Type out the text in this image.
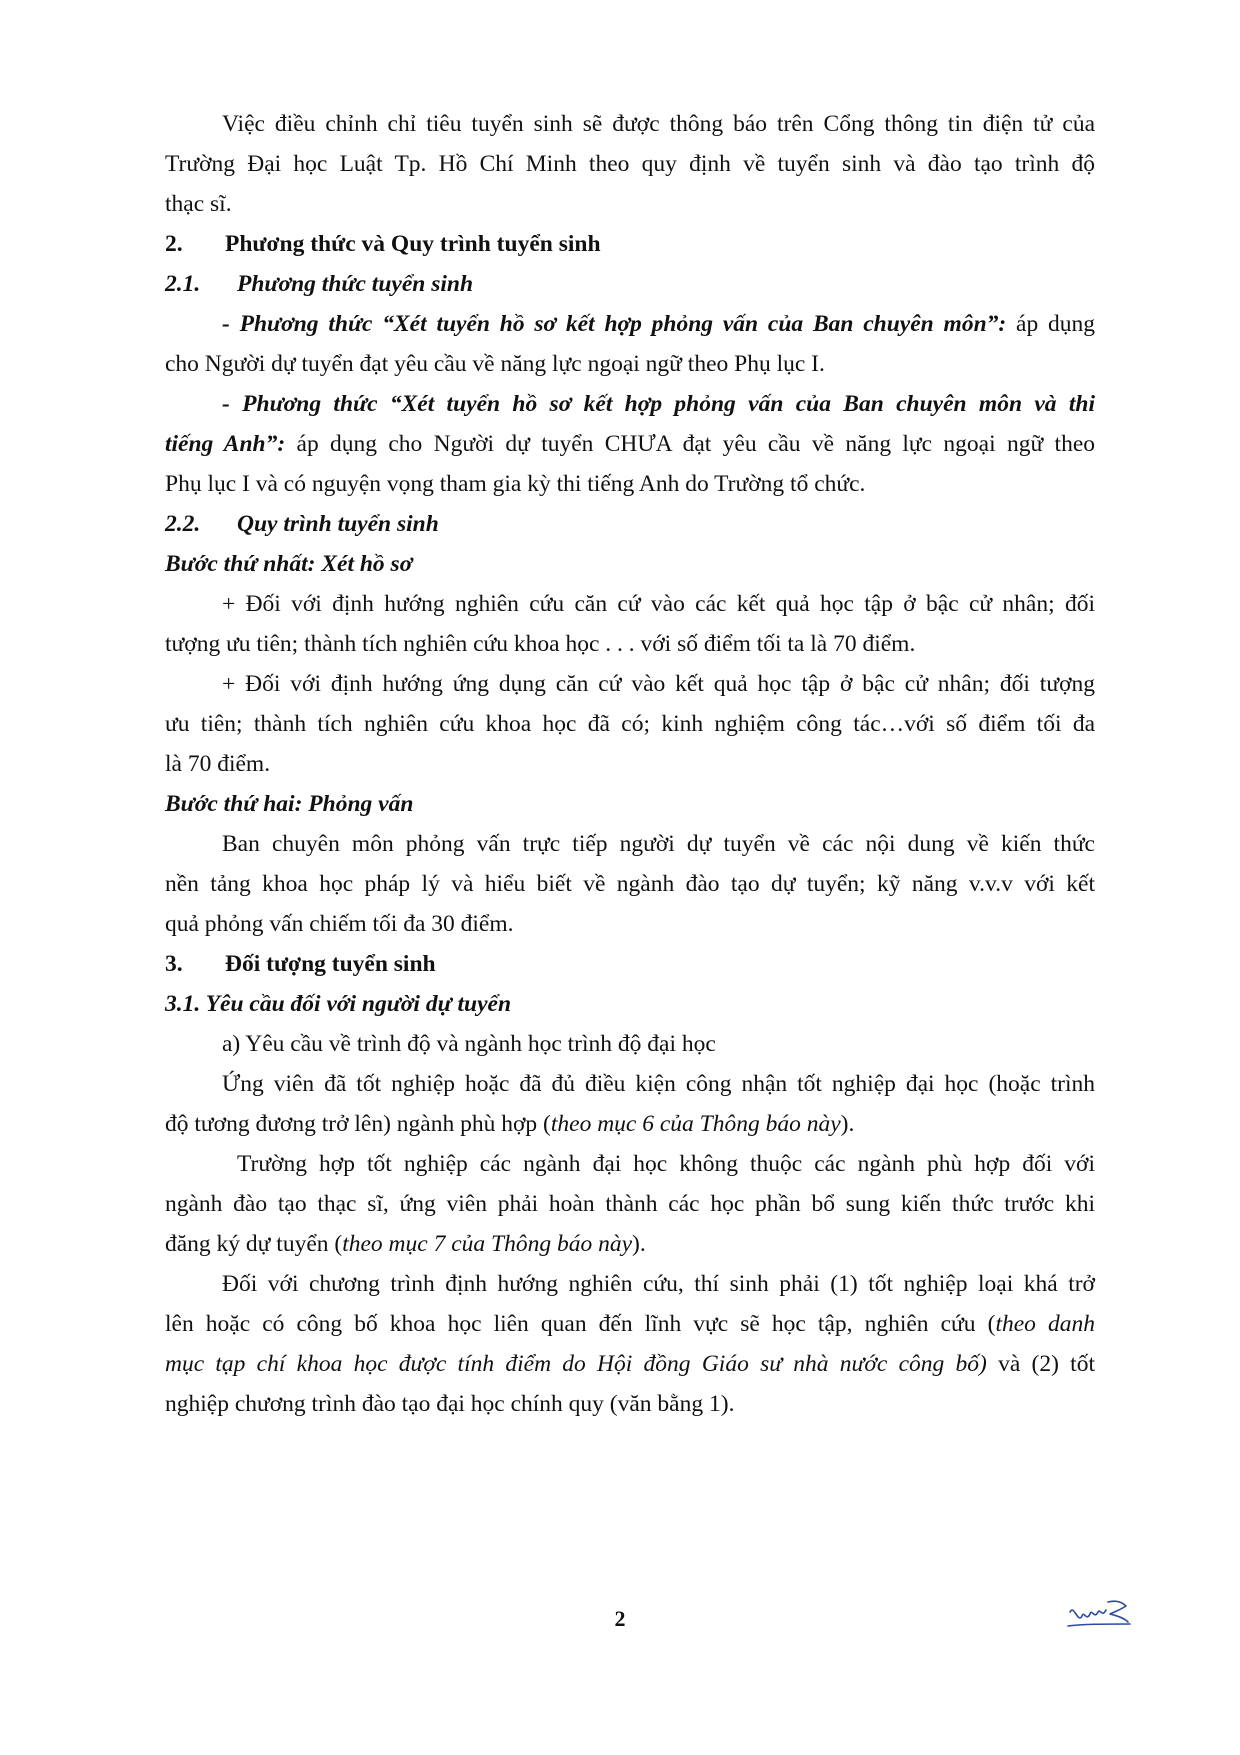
Việc điều chỉnh chỉ tiêu tuyển sinh sẽ được thông báo trên Cổng thông tin điện tử của
Trường Đại học Luật Tp. Hồ Chí Minh theo quy định về tuyển sinh và đào tạo trình độ
thạc sĩ.
2. Phương thức và Quy trình tuyển sinh
2.1. Phương thức tuyển sinh
- Phương thức “Xét tuyển hồ sơ kết hợp phỏng vấn của Ban chuyên môn”: áp dụng
cho Người dự tuyển đạt yêu cầu về năng lực ngoại ngữ theo Phụ lục I.
- Phương thức “Xét tuyển hồ sơ kết hợp phỏng vấn của Ban chuyên môn và thi
tiếng Anh”: áp dụng cho Người dự tuyển CHƯA đạt yêu cầu về năng lực ngoại ngữ theo
Phụ lục I và có nguyện vọng tham gia kỳ thi tiếng Anh do Trường tổ chức.
2.2. Quy trình tuyển sinh
Bước thứ nhất: Xét hồ sơ
+ Đối với định hướng nghiên cứu căn cứ vào các kết quả học tập ở bậc cử nhân; đối
tượng ưu tiên; thành tích nghiên cứu khoa học . . . với số điểm tối ta là 70 điểm.
+ Đối với định hướng ứng dụng căn cứ vào kết quả học tập ở bậc cử nhân; đối tượng
ưu tiên; thành tích nghiên cứu khoa học đã có; kinh nghiệm công tác…với số điểm tối đa
là 70 điểm.
Bước thứ hai: Phỏng vấn
Ban chuyên môn phỏng vấn trực tiếp người dự tuyển về các nội dung về kiến thức
nền tảng khoa học pháp lý và hiểu biết về ngành đào tạo dự tuyển; kỹ năng v.v.v với kết
quả phỏng vấn chiếm tối đa 30 điểm.
3. Đối tượng tuyển sinh
3.1. Yêu cầu đối với người dự tuyển
a) Yêu cầu về trình độ và ngành học trình độ đại học
Ứng viên đã tốt nghiệp hoặc đã đủ điều kiện công nhận tốt nghiệp đại học (hoặc trình
độ tương đương trở lên) ngành phù hợp (theo mục 6 của Thông báo này).
Trường hợp tốt nghiệp các ngành đại học không thuộc các ngành phù hợp đối với
ngành đào tạo thạc sĩ, ứng viên phải hoàn thành các học phần bổ sung kiến thức trước khi
đăng ký dự tuyển (theo mục 7 của Thông báo này).
Đối với chương trình định hướng nghiên cứu, thí sinh phải (1) tốt nghiệp loại khá trở
lên hoặc có công bố khoa học liên quan đến lĩnh vực sẽ học tập, nghiên cứu (theo danh
mục tạp chí khoa học được tính điểm do Hội đồng Giáo sư nhà nước công bố) và (2) tốt
nghiệp chương trình đào tạo đại học chính quy (văn bằng 1).
2
